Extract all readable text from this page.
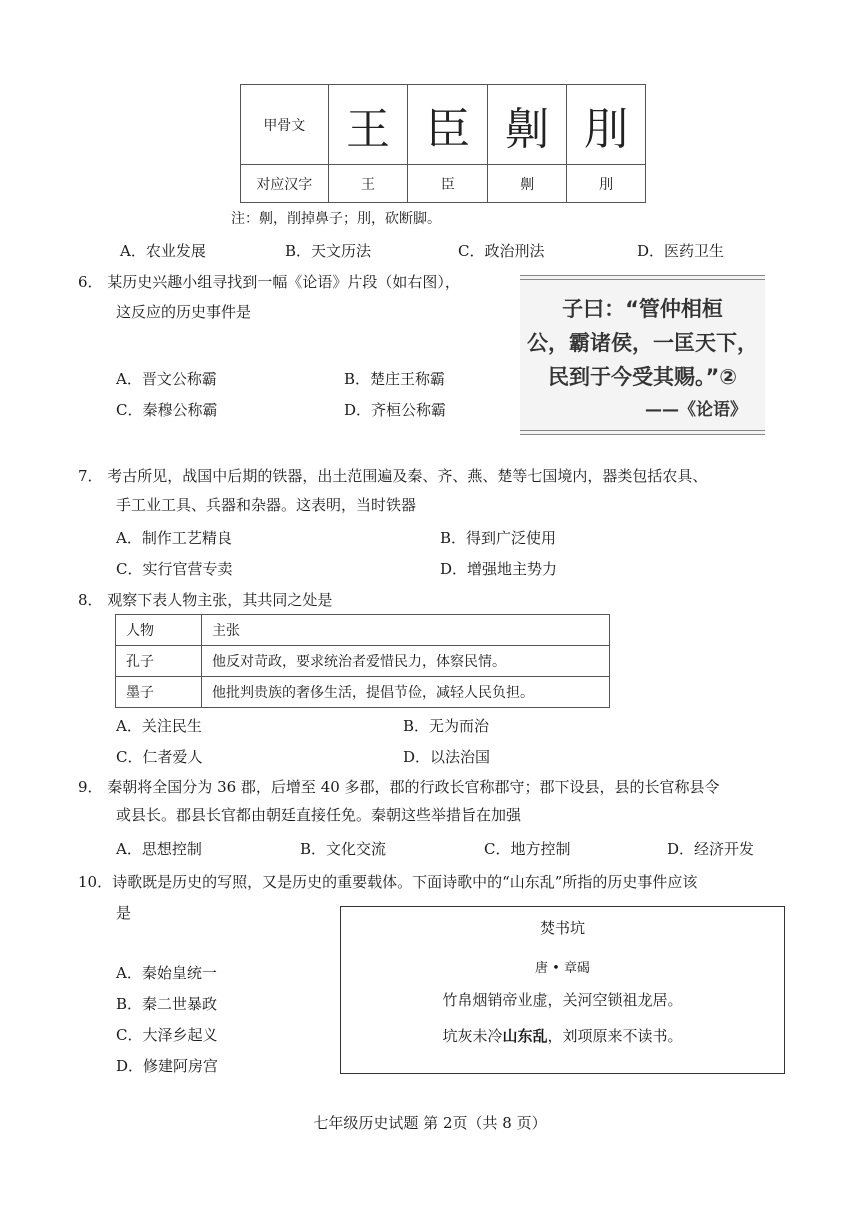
甲骨文	王	臣	劓	刖
对应汉字	王	臣	劓	刖
注：劓，削掉鼻子；刖，砍断脚。
A．农业发展	B．天文历法	C．政治刑法	D．医药卫生
6． 某历史兴趣小组寻找到一幅《论语》片段（如右图），
这反应的历史事件是	子曰：“管仲相桓
公，霸诸侯，一匡天下，
民到于今受其赐。”②
——《论语》
A．晋文公称霸	B．楚庄王称霸
C．秦穆公称霸	D．齐桓公称霸
7． 考古所见，战国中后期的铁器，出土范围遍及秦、齐、燕、楚等七国境内，器类包括农具、
手工业工具、兵器和杂器。这表明，当时铁器
A．制作工艺精良	B．得到广泛使用
C．实行官营专卖	D．增强地主势力
8． 观察下表人物主张，其共同之处是
人物	主张
孔子	他反对苛政，要求统治者爱惜民力，体察民情。
墨子	他批判贵族的奢侈生活，提倡节俭，减轻人民负担。
A．关注民生	B．无为而治
C．仁者爱人	D．以法治国
9． 秦朝将全国分为 36 郡，后增至 40 多郡，郡的行政长官称郡守；郡下设县，县的长官称县令
或县长。郡县长官都由朝廷直接任免。秦朝这些举措旨在加强
A．思想控制	B．文化交流	C．地方控制	D．经济开发
10．诗歌既是历史的写照，又是历史的重要载体。下面诗歌中的“山东乱”所指的历史事件应该
是
焚书坑
唐 • 章碣
竹帛烟销帝业虚，关河空锁祖龙居。
坑灰未冷山东乱，刘项原来不读书。
A．秦始皇统一
B．秦二世暴政
C．大泽乡起义
D．修建阿房宫
七年级历史试题 第 2页（共 8 页）
